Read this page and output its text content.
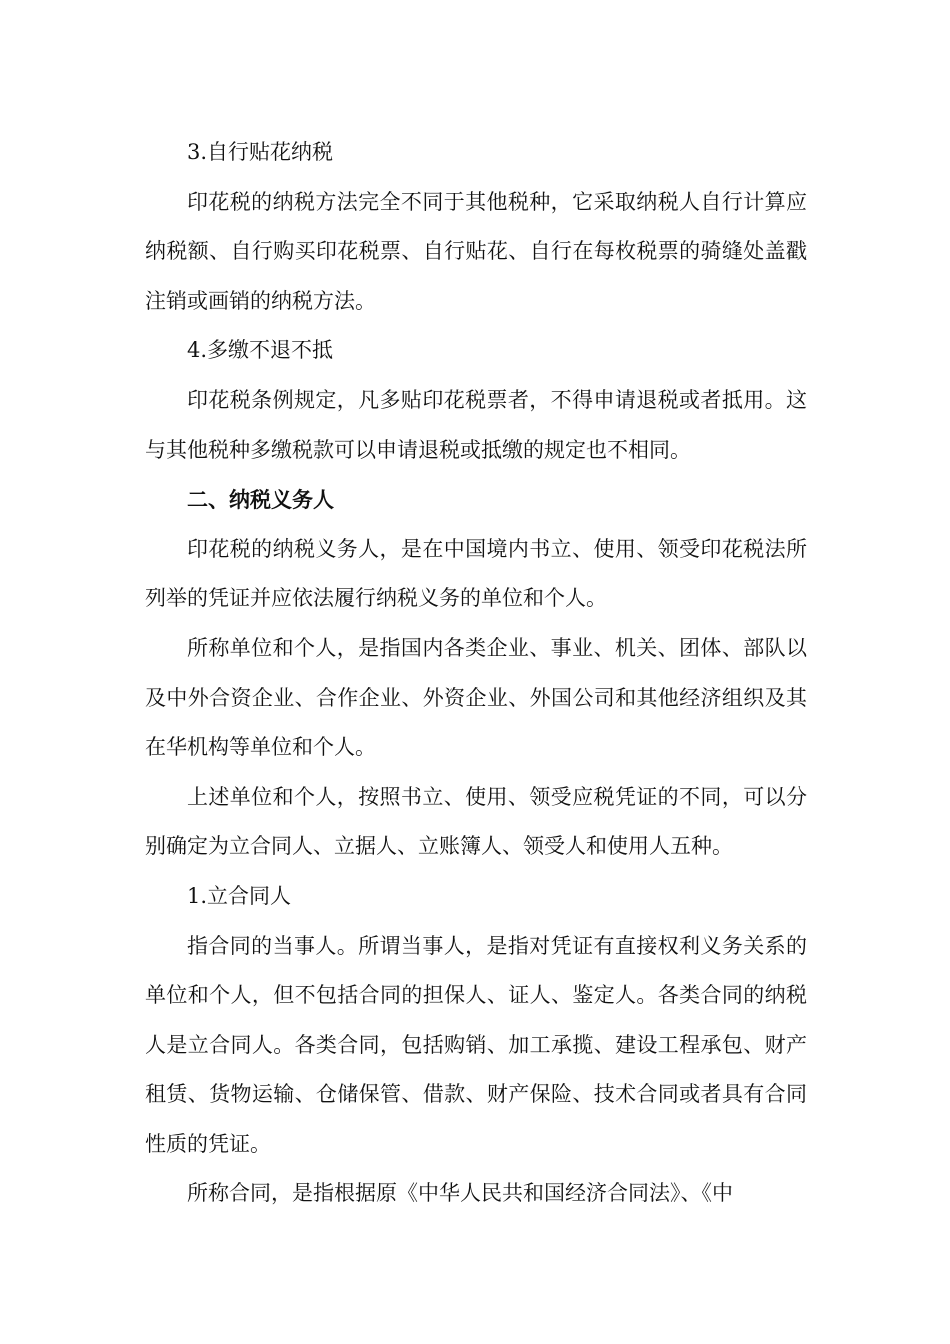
3.自行贴花纳税

印花税的纳税方法完全不同于其他税种，它采取纳税人自行计算应纳税额、自行购买印花税票、自行贴花、自行在每枚税票的骑缝处盖戳注销或画销的纳税方法。

4.多缴不退不抵

印花税条例规定，凡多贴印花税票者，不得申请退税或者抵用。这与其他税种多缴税款可以申请退税或抵缴的规定也不相同。

二、纳税义务人

印花税的纳税义务人，是在中国境内书立、使用、领受印花税法所列举的凭证并应依法履行纳税义务的单位和个人。

所称单位和个人，是指国内各类企业、事业、机关、团体、部队以及中外合资企业、合作企业、外资企业、外国公司和其他经济组织及其在华机构等单位和个人。

上述单位和个人，按照书立、使用、领受应税凭证的不同，可以分别确定为立合同人、立据人、立账簿人、领受人和使用人五种。

1.立合同人

指合同的当事人。所谓当事人，是指对凭证有直接权利义务关系的单位和个人，但不包括合同的担保人、证人、鉴定人。各类合同的纳税人是立合同人。各类合同，包括购销、加工承揽、建设工程承包、财产租赁、货物运输、仓储保管、借款、财产保险、技术合同或者具有合同性质的凭证。

所称合同，是指根据原《中华人民共和国经济合同法》、《中
